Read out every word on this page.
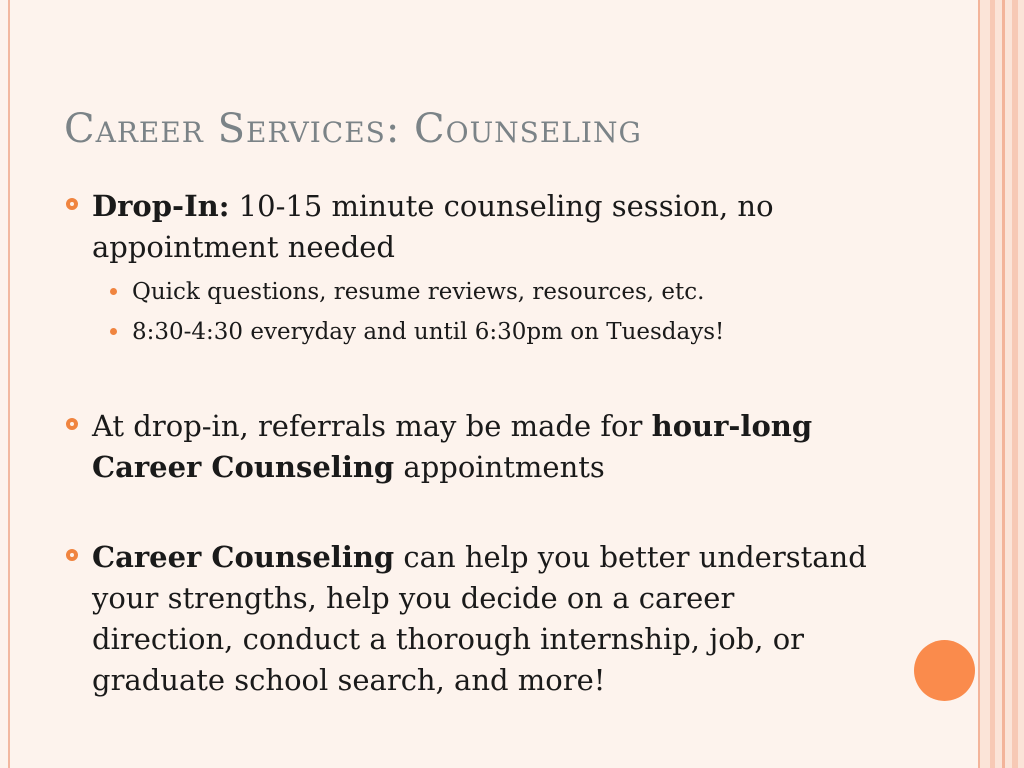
Career Services: Counseling
Drop-In: 10-15 minute counseling session, no appointment needed
Quick questions, resume reviews, resources, etc.
8:30-4:30 everyday and until 6:30pm on Tuesdays!
At drop-in, referrals may be made for hour-long Career Counseling appointments
Career Counseling can help you better understand your strengths, help you decide on a career direction, conduct a thorough internship, job, or graduate school search, and more!
